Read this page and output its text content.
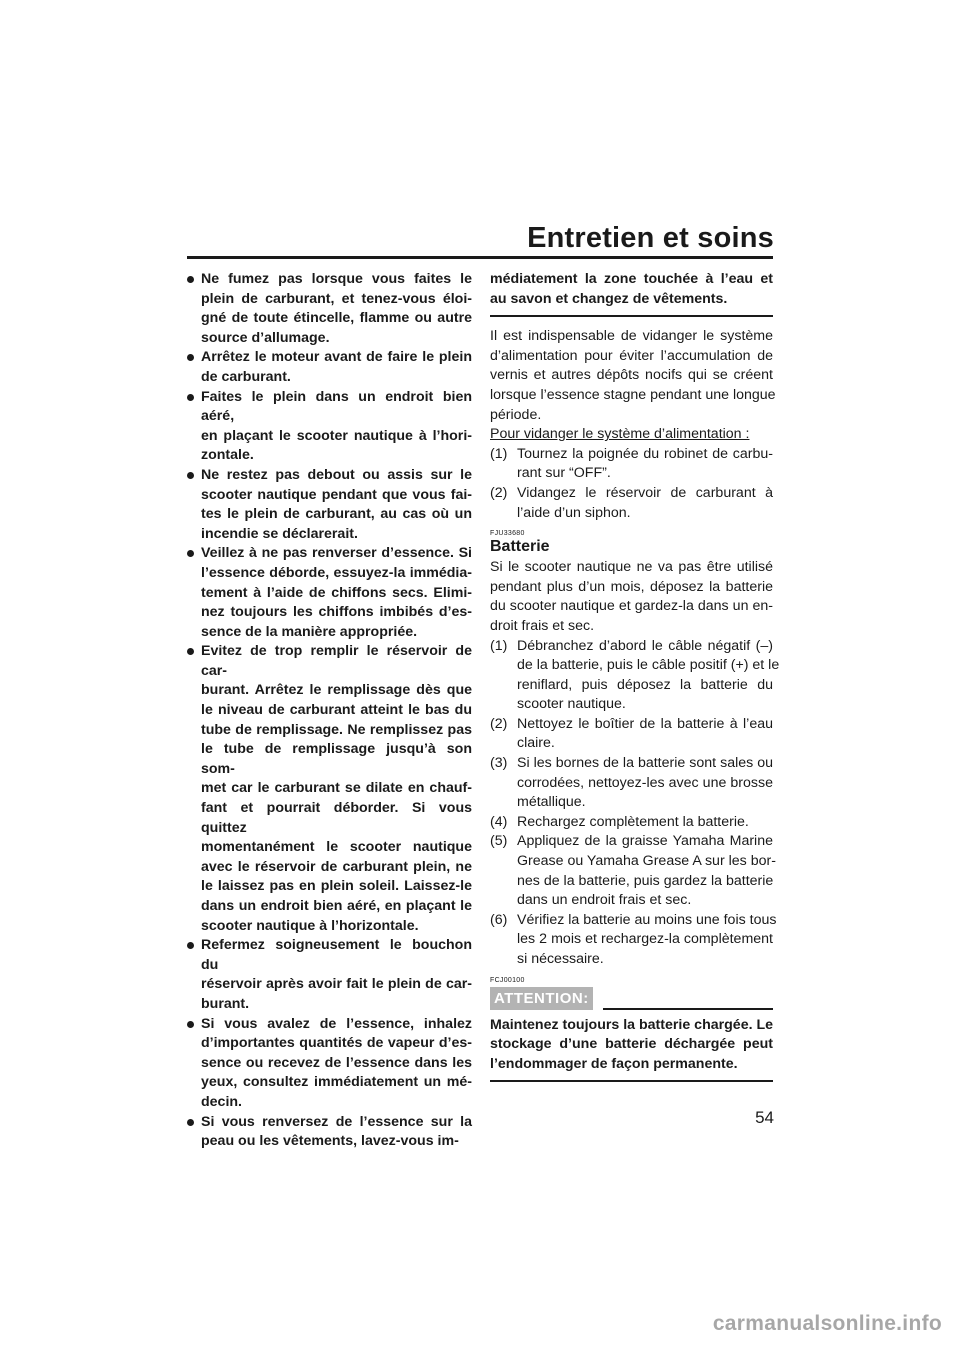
Entretien et soins
Ne fumez pas lorsque vous faites le
plein de carburant, et tenez-vous éloi-
gné de toute étincelle, flamme ou autre
source d’allumage.
Arrêtez le moteur avant de faire le plein
de carburant.
Faites le plein dans un endroit bien aéré,
en plaçant le scooter nautique à l’hori-
zontale.
Ne restez pas debout ou assis sur le
scooter nautique pendant que vous fai-
tes le plein de carburant, au cas où un
incendie se déclarerait.
Veillez à ne pas renverser d’essence. Si
l’essence déborde, essuyez-la immédia-
tement à l’aide de chiffons secs. Elimi-
nez toujours les chiffons imbibés d’es-
sence de la manière appropriée.
Evitez de trop remplir le réservoir de car-
burant. Arrêtez le remplissage dès que
le niveau de carburant atteint le bas du
tube de remplissage. Ne remplissez pas
le tube de remplissage jusqu’à son som-
met car le carburant se dilate en chauf-
fant et pourrait déborder. Si vous quittez
momentanément le scooter nautique
avec le réservoir de carburant plein, ne
le laissez pas en plein soleil. Laissez-le
dans un endroit bien aéré, en plaçant le
scooter nautique à l’horizontale.
Refermez soigneusement le bouchon du
réservoir après avoir fait le plein de car-
burant.
Si vous avalez de l’essence, inhalez
d’importantes quantités de vapeur d’es-
sence ou recevez de l’essence dans les
yeux, consultez immédiatement un mé-
decin.
Si vous renversez de l’essence sur la
peau ou les vêtements, lavez-vous im-
médiatement la zone touchée à l’eau et
au savon et changez de vêtements.
Il est indispensable de vidanger le système
d’alimentation pour éviter l’accumulation de
vernis et autres dépôts nocifs qui se créent
lorsque l’essence stagne pendant une longue
période.
Pour vidanger le système d’alimentation :
(1) Tournez la poignée du robinet de carbu-
rant sur “OFF”.
(2) Vidangez le réservoir de carburant à
l’aide d’un siphon.
FJU33680
Batterie
Si le scooter nautique ne va pas être utilisé
pendant plus d’un mois, déposez la batterie
du scooter nautique et gardez-la dans un en-
droit frais et sec.
(1) Débranchez d’abord le câble négatif (–)
de la batterie, puis le câble positif (+) et le
reniflard, puis déposez la batterie du
scooter nautique.
(2) Nettoyez le boîtier de la batterie à l’eau
claire.
(3) Si les bornes de la batterie sont sales ou
corrodées, nettoyez-les avec une brosse
métallique.
(4) Rechargez complètement la batterie.
(5) Appliquez de la graisse Yamaha Marine
Grease ou Yamaha Grease A sur les bor-
nes de la batterie, puis gardez la batterie
dans un endroit frais et sec.
(6) Vérifiez la batterie au moins une fois tous
les 2 mois et rechargez-la complètement
si nécessaire.
FCJ00100
ATTENTION:
Maintenez toujours la batterie chargée. Le
stockage d’une batterie déchargée peut
l’endommager de façon permanente.
54
carmanualsonline.info
